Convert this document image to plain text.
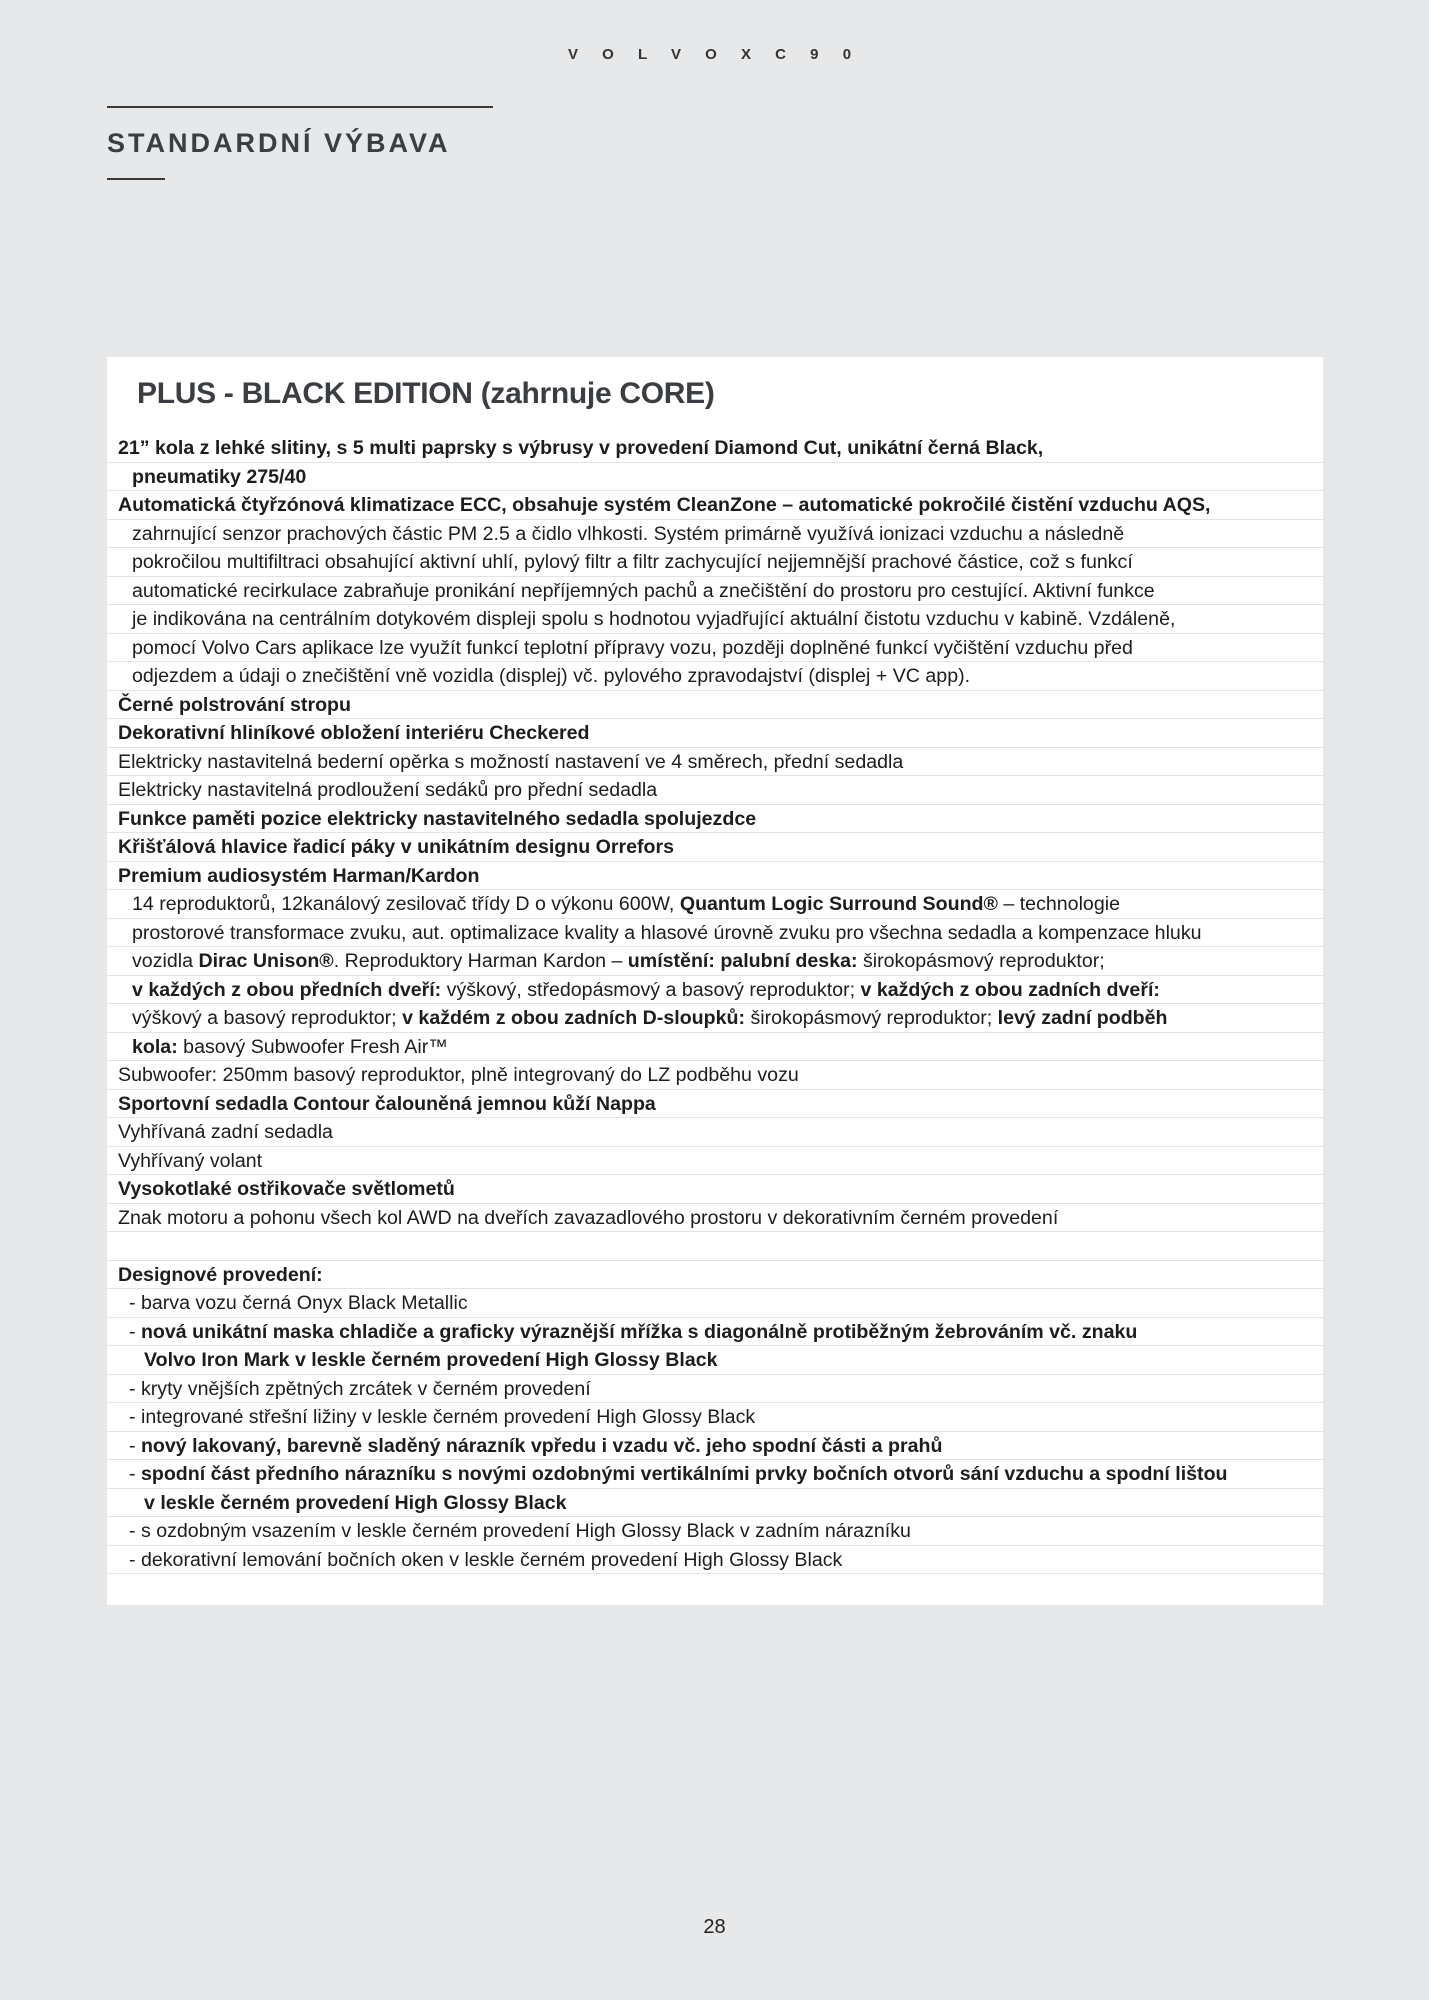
V O L V O X C 9 0
STANDARDNÍ VÝBAVA
PLUS - BLACK EDITION (zahrnuje CORE)
21” kola z lehké slitiny, s 5 multi paprsky s výbrusy v provedení Diamond Cut, unikátní černá Black,
pneumatiky 275/40
Automatická čtyřzónová klimatizace ECC, obsahuje systém CleanZone – automatické pokročilé čistění vzduchu AQS,
zahrnující senzor prachových částic PM 2.5 a čidlo vlhkosti. Systém primárně využívá ionizaci vzduchu a následně
pokročilou multifiltraci obsahující aktivní uhlí, pylový filtr a filtr zachycující nejjemnější prachové částice, což s funkcí
automatické recirkulace zabraňuje pronikání nepříjemných pachů a znečištění do prostoru pro cestující. Aktivní funkce
je indikována na centrálním dotykovém displeji spolu s hodnotou vyjadřující aktuální čistotu vzduchu v kabině. Vzdáleně,
pomocí Volvo Cars aplikace lze využít funkcí teplotní přípravy vozu, později doplněné funkcí vyčištění vzduchu před
odjezdem a údaji o znečištění vně vozidla (displej) vč. pylového zpravodajství (displej + VC app).
Černé polstrování stropu
Dekorativní hliníkové obložení interiéru Checkered
Elektricky nastavitelná bederní opěrka s možností nastavení ve 4 směrech, přední sedadla
Elektricky nastavitelná prodloužení sedáků pro přední sedadla
Funkce paměti pozice elektricky nastavitelného sedadla spolujezdce
Křišťálová hlavice řadicí páky v unikátním designu Orrefors
Premium audiosystém Harman/Kardon
14 reproduktorů, 12kanálový zesilovač třídy D o výkonu 600W, Quantum Logic Surround Sound® – technologie
prostorové transformace zvuku, aut. optimalizace kvality a hlasové úrovně zvuku pro všechna sedadla a kompenzace hluku
vozidla Dirac Unison®. Reproduktory Harman Kardon – umístění: palubní deska: širokopásmový reproduktor;
v každých z obou předních dveří: výškový, středopásmový a basový reproduktor; v každých z obou zadních dveří:
výškový a basový reproduktor; v každém z obou zadních D-sloupků: širokopásmový reproduktor; levý zadní podběh
kola: basový Subwoofer Fresh Air™
Subwoofer: 250mm basový reproduktor, plně integrovaný do LZ podběhu vozu
Sportovní sedadla Contour čalouněná jemnou kůží Nappa
Vyhřívaná zadní sedadla
Vyhřívaný volant
Vysokotlaké ostřikovače světlometů
Znak motoru a pohonu všech kol AWD na dveřích zavazadlového prostoru v dekorativním černém provedení
Designové provedení:
- barva vozu černá Onyx Black Metallic
- nová unikátní maska chladiče a graficky výraznější mřížka s diagonálně protiběžným žebrováním vč. znaku
Volvo Iron Mark v leskle černém provedení High Glossy Black
- kryty vnějších zpětných zrcátek v černém provedení
- integrované střešní ližiny v leskle černém provedení High Glossy Black
- nový lakovaný, barevně sladěný nárazník vpředu i vzadu vč. jeho spodní části a prahů
- spodní část předního nárazníku s novými ozdobnými vertikálními prvky bočních otvorů sání vzduchu a spodní lištou
v leskle černém provedení High Glossy Black
- s ozdobným vsazením v leskle černém provedení High Glossy Black v zadním nárazníku
- dekorativní lemování bočních oken v leskle černém provedení High Glossy Black
28
